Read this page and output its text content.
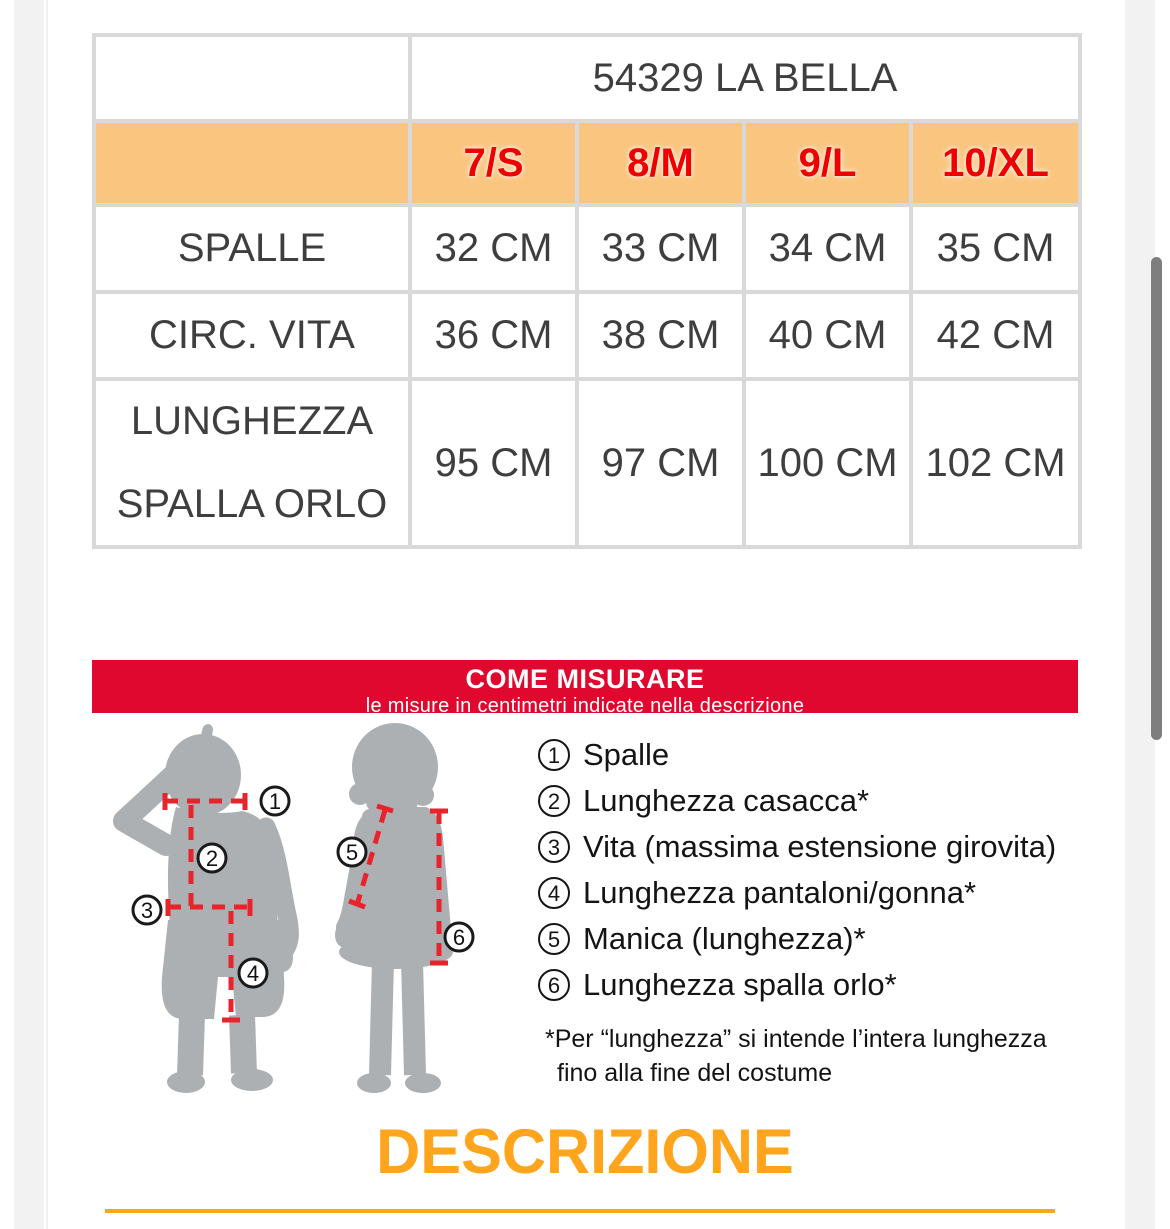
	54329 LA BELLA			
	7/S	8/M	9/L	10/XL
SPALLE	32 CM	33 CM	34 CM	35 CM
CIRC. VITA	36 CM	38 CM	40 CM	42 CM

LUNGHEZZA
SPALLA ORLO	95 CM	97 CM	100 CM	102 CM
COME MISURARE
le misure in centimetri indicate nella descrizione
1
2
3
4
5
6
1 Spalle
2 Lunghezza casacca*
3 Vita (massima estensione girovita)
4 Lunghezza pantaloni/gonna*
5 Manica (lunghezza)*
6 Lunghezza spalla orlo*
*Per “lunghezza” si intende l’intera lunghezza
fino alla fine del costume
DESCRIZIONE
